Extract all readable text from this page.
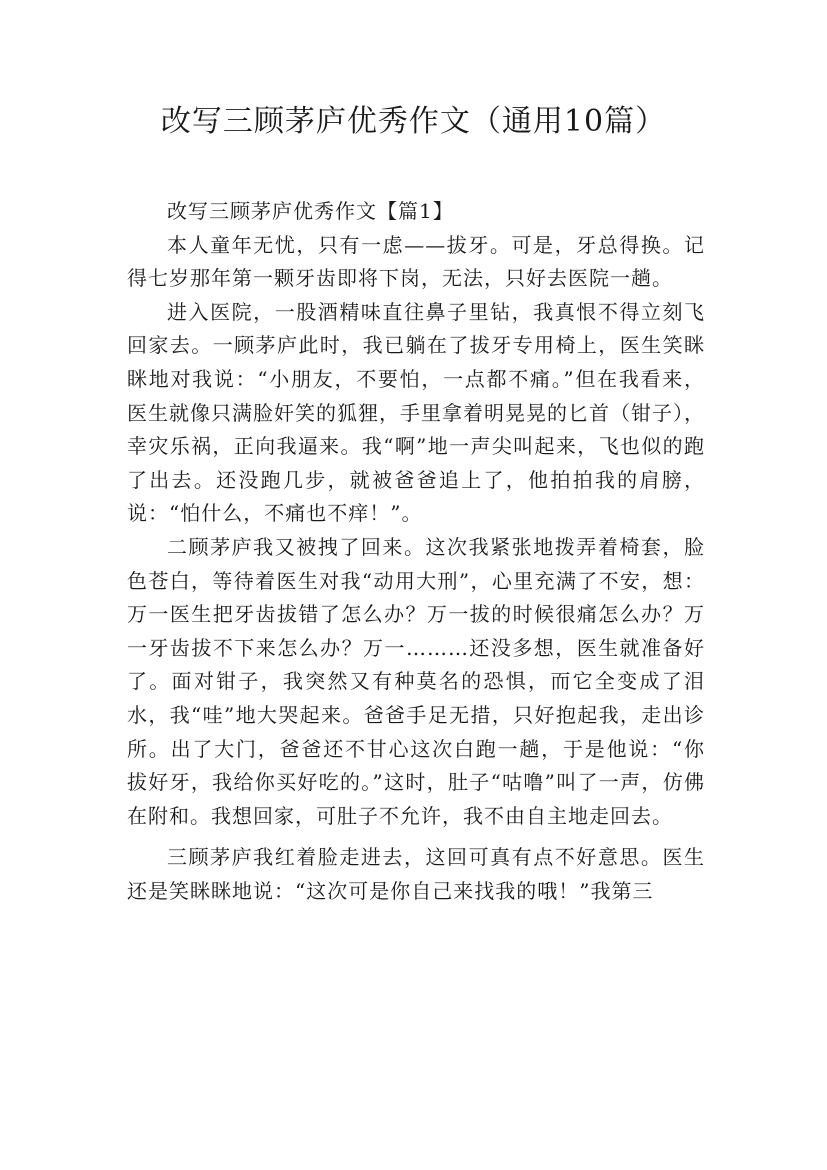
改写三顾茅庐优秀作文（通用10篇）

改写三顾茅庐优秀作文【篇1】

本人童年无忧，只有一虑——拔牙。可是，牙总得换。记得七岁那年第一颗牙齿即将下岗，无法，只好去医院一趟。

进入医院，一股酒精味直往鼻子里钻，我真恨不得立刻飞回家去。一顾茅庐此时，我已躺在了拔牙专用椅上，医生笑眯眯地对我说：“小朋友，不要怕，一点都不痛。”但在我看来，医生就像只满脸奸笑的狐狸，手里拿着明晃晃的匕首（钳子），幸灾乐祸，正向我逼来。我“啊”地一声尖叫起来，飞也似的跑了出去。还没跑几步，就被爸爸追上了，他拍拍我的肩膀，说：“怕什么，不痛也不痒！”。

二顾茅庐我又被拽了回来。这次我紧张地拨弄着椅套，脸色苍白，等待着医生对我“动用大刑”，心里充满了不安，想：万一医生把牙齿拔错了怎么办？万一拔的时候很痛怎么办？万一牙齿拔不下来怎么办？万一………还没多想，医生就准备好了。面对钳子，我突然又有种莫名的恐惧，而它全变成了泪水，我“哇”地大哭起来。爸爸手足无措，只好抱起我，走出诊所。出了大门，爸爸还不甘心这次白跑一趟，于是他说：“你拔好牙，我给你买好吃的。”这时，肚子“咕噜”叫了一声，仿佛在附和。我想回家，可肚子不允许，我不由自主地走回去。

三顾茅庐我红着脸走进去，这回可真有点不好意思。医生还是笑眯眯地说：“这次可是你自己来找我的哦！”我第三
